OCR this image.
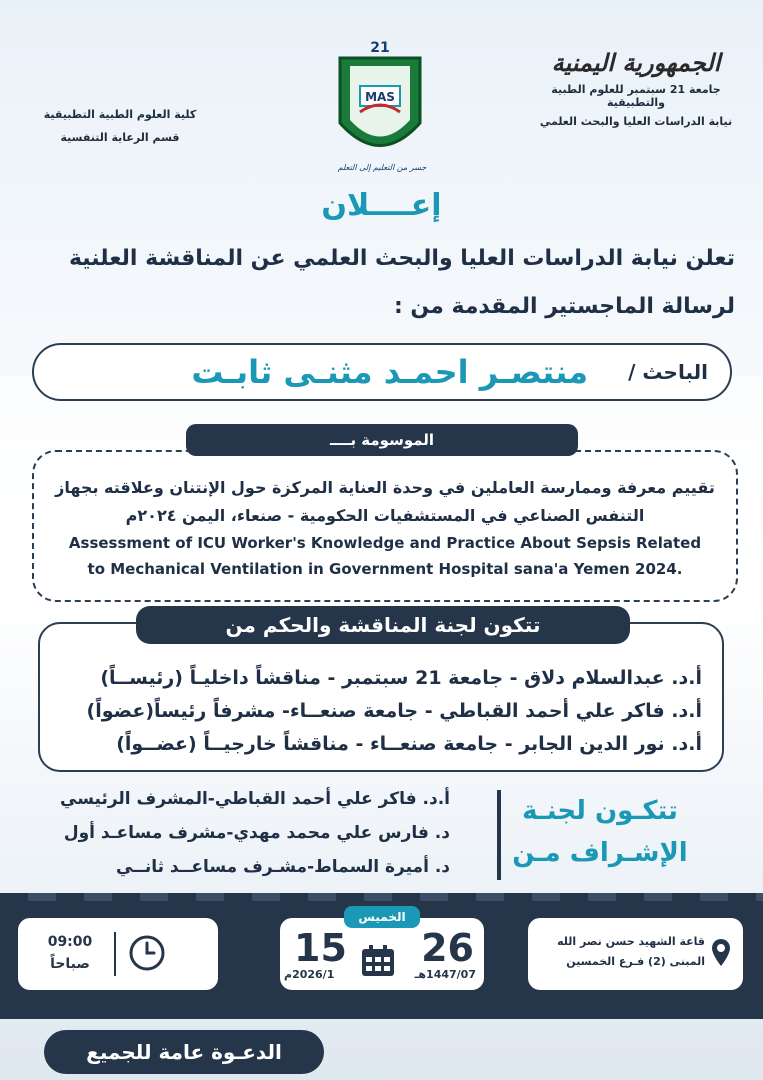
الجمهورية اليمنية
جامعة 21 سبتمبر للعلوم الطبية والتطبيقية
نيابة الدراسات العليا والبحث العلمي
21
MAS
جسر من التعليم إلى التعلم
كلية العلوم الطبية التطبيقية
قسم الرعاية التنفسية
إعــــلان
تعلن نيابة الدراسات العليا والبحث العلمي عن المناقشة العلنية
لرسالة الماجستير المقدمة من :
الباحث /
منتصـر احمـد مثنـى ثابـت
تقييم معرفة وممارسة العاملين في وحدة العناية المركزة حول الإنتنان وعلاقته بجهاز
التنفس الصناعي في المستشفيات الحكومية - صنعاء، اليمن ٢٠٢٤م
Assessment of ICU Worker's Knowledge and Practice About Sepsis Related
to Mechanical Ventilation in Government Hospital sana'a Yemen 2024.
الموسومة بــــ
أ.د. عبدالسلام دلاق - جامعة 21 سبتمبر - مناقشاً داخليـاً (رئيســاً)
أ.د. فاكر علي أحمد القباطي - جامعة صنعــاء- مشرفاً رئيساً(عضواً)
أ.د. نور الدين الجابر - جامعة صنعــاء - مناقشاً خارجيــاً (عضــواً)
تتكون لجنة المناقشة والحكم من
أ.د. فاكر علي أحمد القباطي-المشرف الرئيسي
د. فارس علي محمد مهدي-مشرف مساعـد أول
د. أميرة السماط-مشـرف مساعــد ثانــي
تتكـون لجنـة
الإشـراف مـن
قاعة الشهيد حسن نصر الله
المبنى (2) فـرع الخمسين
26
1447/07هـ
15
2026/1م
الخميس
09:00
صباحاً
الدعـوة عامة للجميع
